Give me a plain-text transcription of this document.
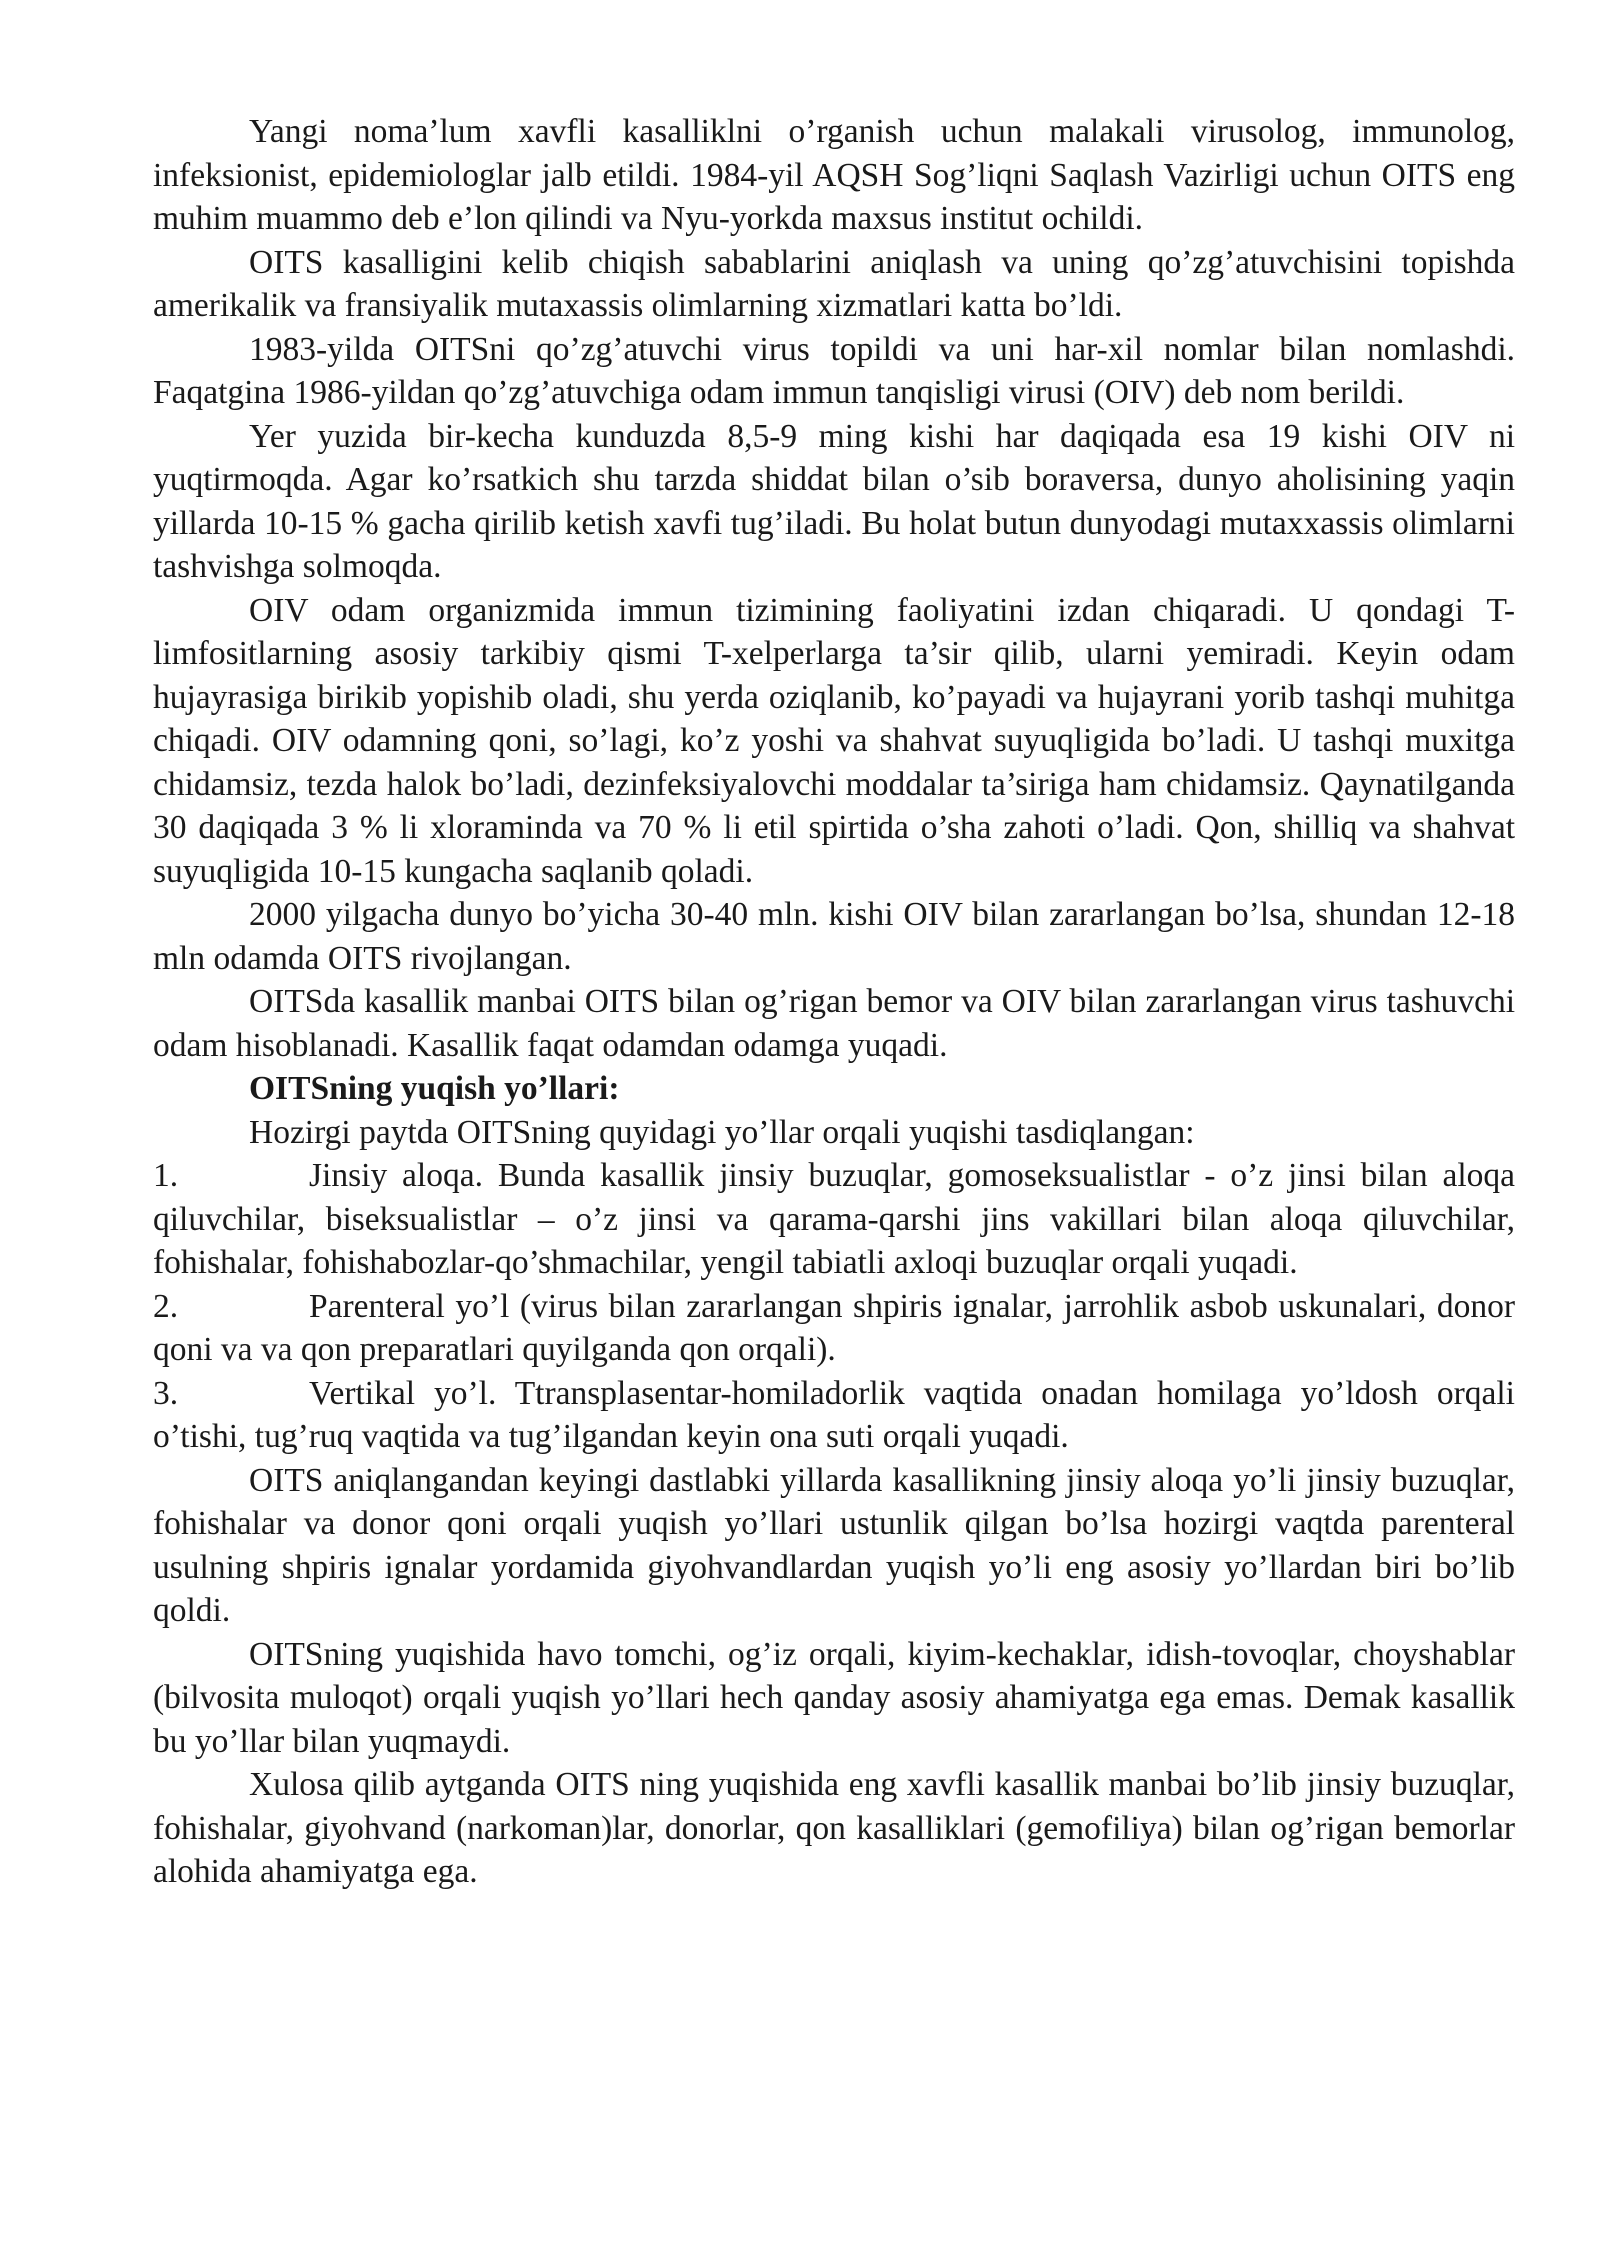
Yangi noma’lum xavfli kasalliklni o’rganish uchun malakali virusolog, immunolog, infeksionist, epidemiologlar jalb etildi. 1984-yil AQSH Sog’liqni Saqlash Vazirligi uchun OITS eng muhim muammo deb e’lon qilindi va Nyu-yorkda maxsus institut ochildi.

OITS kasalligini kelib chiqish sabablarini aniqlash va uning qo’zg’atuvchisini topishda amerikalik va fransiyalik mutaxassis olimlarning xizmatlari katta bo’ldi.

1983-yilda OITSni qo’zg’atuvchi virus topildi va uni har-xil nomlar bilan nomlashdi. Faqatgina 1986-yildan qo’zg’atuvchiga odam immun tanqisligi virusi (OIV) deb nom berildi.

Yer yuzida bir-kecha kunduzda 8,5-9 ming kishi har daqiqada esa 19 kishi OIV ni yuqtirmoqda. Agar ko’rsatkich shu tarzda shiddat bilan o’sib boraversa, dunyo aholisining yaqin yillarda 10-15 % gacha qirilib ketish xavfi tug’iladi. Bu holat butun dunyodagi mutaxxassis olimlarni tashvishga solmoqda.

OIV odam organizmida immun tizimining faoliyatini izdan chiqaradi. U qondagi T-limfositlarning asosiy tarkibiy qismi T-xelperlarga ta’sir qilib, ularni yemiradi. Keyin odam hujayrasiga birikib yopishib oladi, shu yerda oziqlanib, ko’payadi va hujayrani yorib tashqi muhitga chiqadi. OIV odamning qoni, so’lagi, ko’z yoshi va shahvat suyuqligida bo’ladi. U tashqi muxitga chidamsiz, tezda halok bo’ladi, dezinfeksiyalovchi moddalar ta’siriga ham chidamsiz. Qaynatilganda 30 daqiqada 3 % li xloraminda va 70 % li etil spirtida o’sha zahoti o’ladi. Qon, shilliq va shahvat suyuqligida 10-15 kungacha saqlanib qoladi.

2000 yilgacha dunyo bo’yicha 30-40 mln. kishi OIV bilan zararlangan bo’lsa, shundan 12-18 mln odamda OITS rivojlangan.

OITSda kasallik manbai OITS bilan og’rigan bemor va OIV bilan zararlangan virus tashuvchi odam hisoblanadi. Kasallik faqat odamdan odamga yuqadi.

OITSning yuqish yo’llari:

Hozirgi paytda OITSning quyidagi yo’llar orqali yuqishi tasdiqlangan:

1.	Jinsiy aloqa. Bunda kasallik jinsiy buzuqlar, gomoseksualistlar - o’z jinsi bilan aloqa qiluvchilar, biseksualistlar – o’z jinsi va qarama-qarshi jins vakillari bilan aloqa qiluvchilar, fohishalar, fohishabozlar-qo’shmachilar, yengil tabiatli axloqi buzuqlar orqali yuqadi.

2.	Parenteral yo’l (virus bilan zararlangan shpiris ignalar, jarrohlik asbob uskunalari, donor qoni va va qon preparatlari quyilganda qon orqali).

3.	Vertikal yo’l. Ttransplasentar-homiladorlik vaqtida onadan homilaga yo’ldosh orqali o’tishi, tug’ruq vaqtida va tug’ilgandan keyin ona suti orqali yuqadi.

OITS aniqlangandan keyingi dastlabki yillarda kasallikning jinsiy aloqa yo’li jinsiy buzuqlar, fohishalar va donor qoni orqali yuqish yo’llari ustunlik qilgan bo’lsa hozirgi vaqtda parenteral usulning shpiris ignalar yordamida giyohvandlardan yuqish yo’li eng asosiy yo’llardan biri bo’lib qoldi.

OITSning yuqishida havo tomchi, og’iz orqali, kiyim-kechaklar, idish-tovoqlar, choyshablar (bilvosita muloqot) orqali yuqish yo’llari hech qanday asosiy ahamiyatga ega emas. Demak kasallik bu yo’llar bilan yuqmaydi.

Xulosa qilib aytganda OITS ning yuqishida eng xavfli kasallik manbai bo’lib jinsiy buzuqlar, fohishalar, giyohvand (narkoman)lar, donorlar, qon kasalliklari (gemofiliya) bilan og’rigan bemorlar alohida ahamiyatga ega.
